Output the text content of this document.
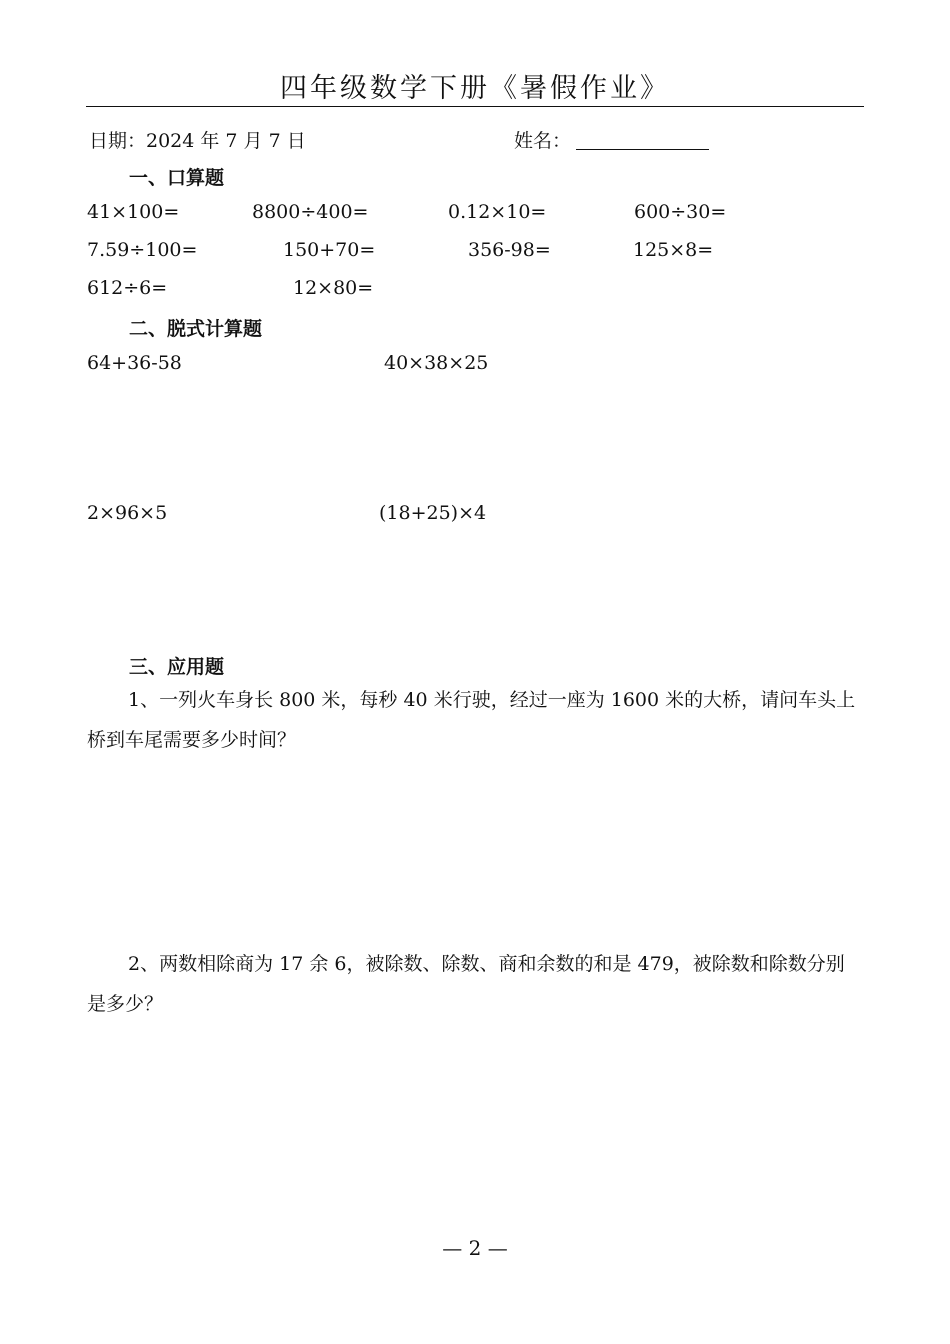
四年级数学下册《暑假作业》
日期：2024 年 7 月 7 日	姓名：
一、口算题
41×100=	8800÷400=	0.12×10=	600÷30=
7.59÷100=	150+70=	356-98=	125×8=
612÷6=	12×80=
二、脱式计算题
64+36-58	40×38×25
2×96×5	(18+25)×4
三、应用题
1、一列火车身长 800 米，每秒 40 米行驶，经过一座为 1600 米的大桥，请问车头上桥到车尾需要多少时间？
2、两数相除商为 17 余 6，被除数、除数、商和余数的和是 479，被除数和除数分别是多少？
— 2 —
